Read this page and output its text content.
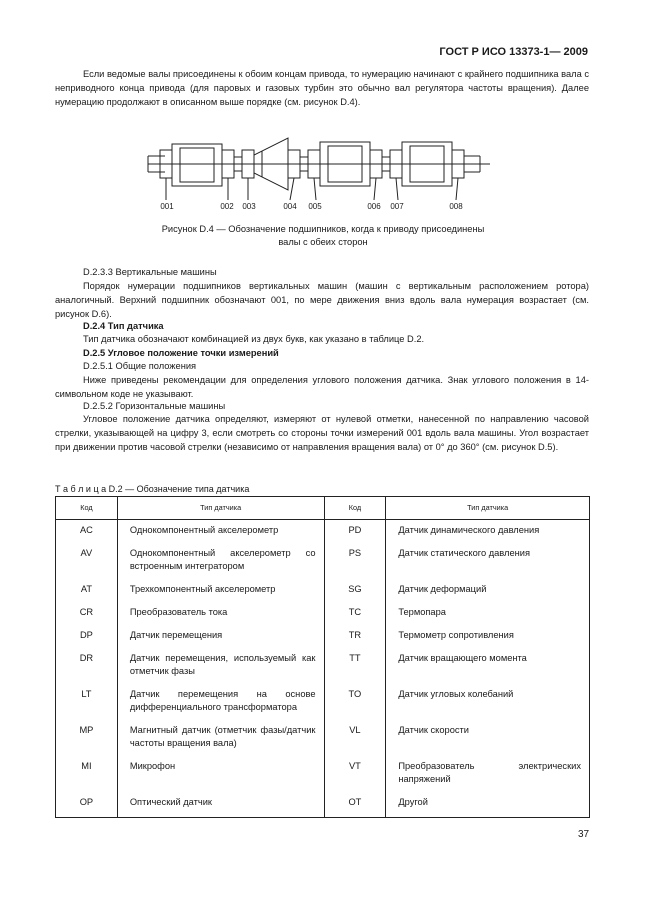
ГОСТ Р ИСО 13373-1— 2009
Если ведомые валы присоединены к обоим концам привода, то нумерацию начинают с крайнего подшипника вала с неприводного конца привода (для паровых и газовых турбин это обычно вал регулятора частоты вращения). Далее нумерацию продолжают в описанном выше порядке (см. рисунок D.4).
001	002 003	004 005	006 007	008
Рисунок D.4 — Обозначение подшипников, когда к приводу присоединены
валы с обеих сторон
D.2.3.3 Вертикальные машины
Порядок нумерации подшипников вертикальных машин (машин с вертикальным расположением ротора) аналогичный. Верхний подшипник обозначают 001, по мере движения вниз вдоль вала нумерация возрастает (см. рисунок D.6).
D.2.4 Тип датчика
Тип датчика обозначают комбинацией из двух букв, как указано в таблице D.2.
D.2.5 Угловое положение точки измерений
D.2.5.1 Общие положения
Ниже приведены рекомендации для определения углового положения датчика. Знак углового положения в 14-символьном коде не указывают.
D.2.5.2 Горизонтальные машины
Угловое положение датчика определяют, измеряют от нулевой отметки, нанесенной по направлению часовой стрелки, указывающей на цифру 3, если смотреть со стороны точки измерений 001 вдоль вала машины. Угол возрастает при движении против часовой стрелки (независимо от направления вращения вала) от 0° до 360° (см. рисунок D.5).
Т а б л и ц а D.2 — Обозначение типа датчика
Код	Тип датчика	Код	Тип датчика
AC	Однокомпонентный акселерометр	PD	Датчик динамического давления
AV	Однокомпонентный акселерометр со встроенным интегратором	PS	Датчик статического давления
AT	Трехкомпонентный акселерометр	SG	Датчик деформаций
CR	Преобразователь тока	TC	Термопара
DP	Датчик перемещения	TR	Термометр сопротивления
DR	Датчик перемещения, используемый как отметчик фазы	TT	Датчик вращающего момента
LT	Датчик перемещения на основе дифференциального трансформатора	TO	Датчик угловых колебаний
MP	Магнитный датчик (отметчик фазы/датчик частоты вращения вала)	VL	Датчик скорости
MI	Микрофон	VT	Преобразователь электрических напряжений
OP	Оптический датчик	OT	Другой
37
